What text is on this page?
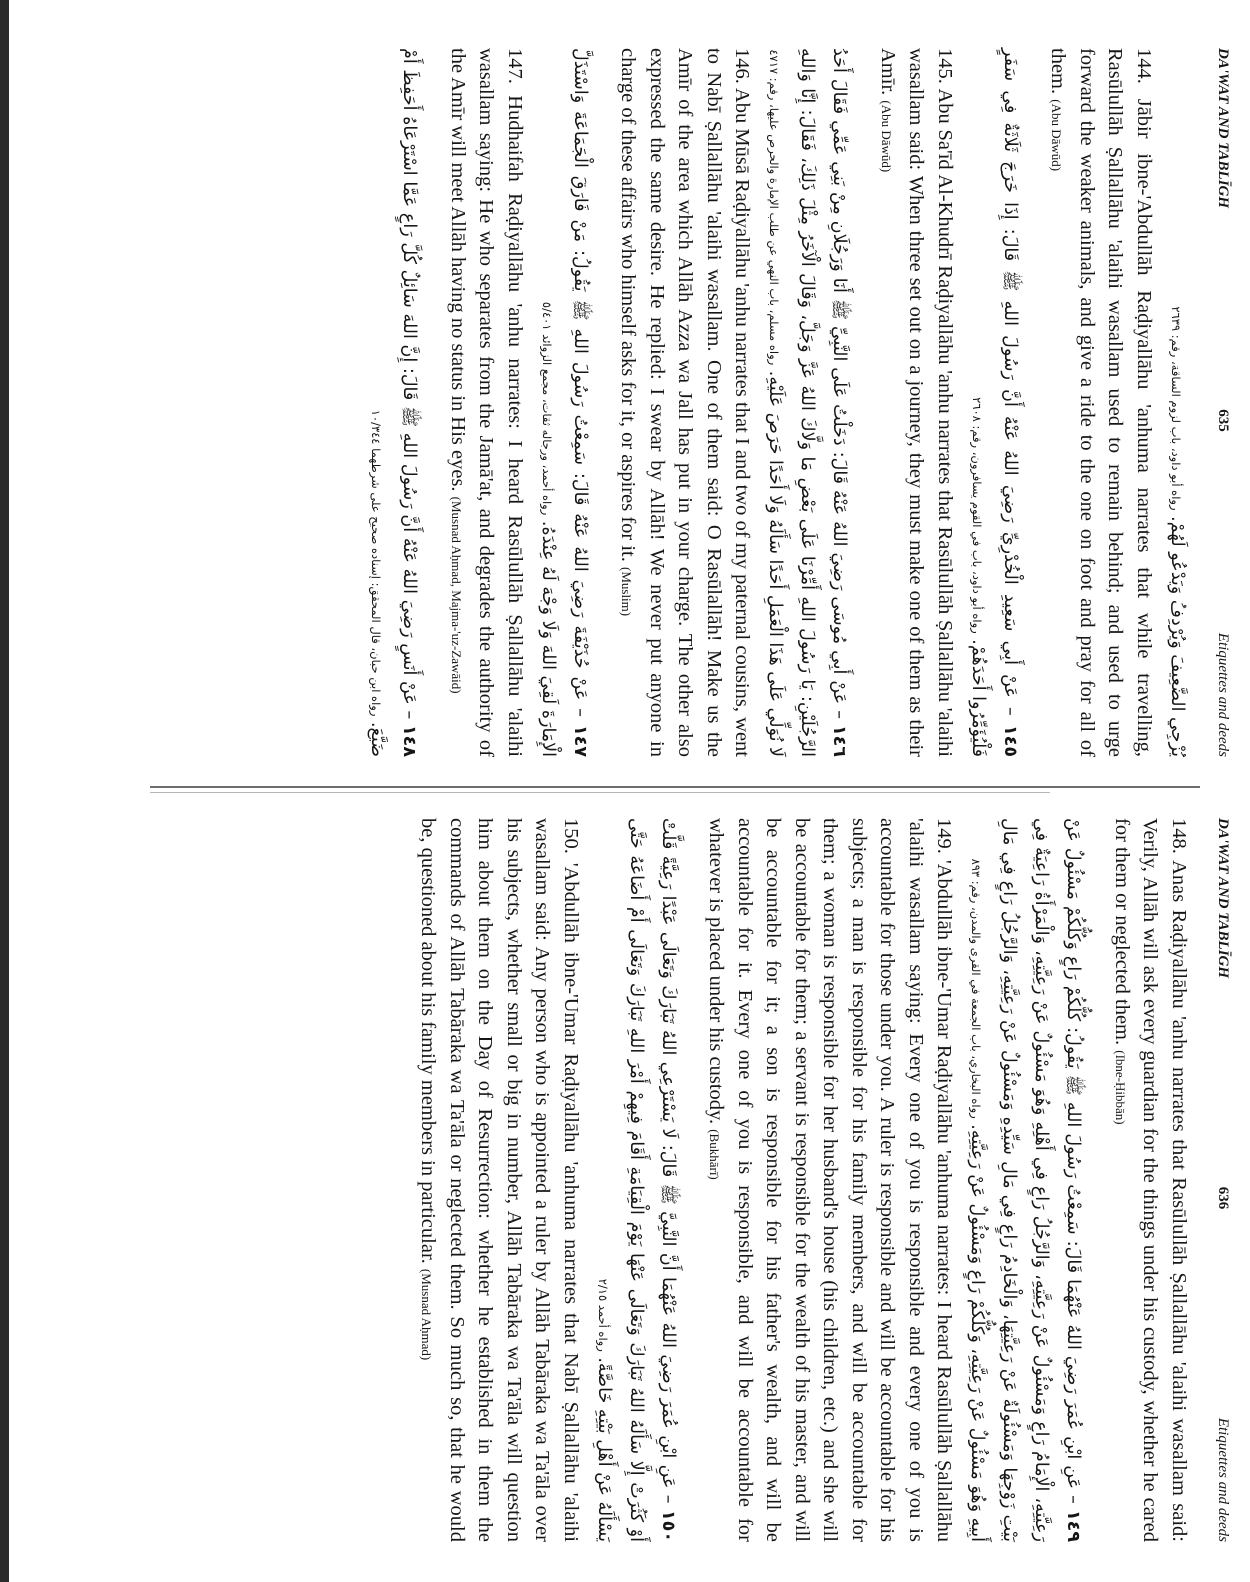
DA'WAT AND TABLĪGH
635
Etiquettes and deeds

يُزْجِي الضَّعِيفَ وَيُرْدِفُ وَيَدْعُو لَهُمْ. رواه أبو داود، باب لزوم الساقة، رقم: ٢٦٣٩

144. Jābir ibne-'Abdullāh Raḍiyallāhu 'anhuma narrates that while travelling, Rasūlullāh Ṣallallāhu 'alaihi wasallam used to remain behind; and used to urge forward the weaker animals, and give a ride to the one on foot and pray for all of them. (Abu Dāwūd)

١٤٥ – عَنْ أَبِي سَعِيدِ الْخُدْرِيِّ رَضِيَ اللهُ عَنْهُ أَنَّ رَسُولَ اللهِ ﷺ قَالَ: إِذَا خَرَجَ ثَلَاثَةٌ فِي سَفَرٍ فَلْيُؤَمِّرُوا أَحَدَهُمْ. رواه أبو داود، باب في القوم يسافرون، رقم: ٢٦٠٨

145. Abu Sa'īd Al-Khudrī Raḍiyallāhu 'anhu narrates that Rasūlullāh Ṣallallāhu 'alaihi wasallam said: When three set out on a journey, they must make one of them as their Amīr. (Abu Dāwūd)

١٤٦ – عَنْ أَبِي مُوسَى رَضِيَ اللهُ عَنْهُ قَالَ: دَخَلْتُ عَلَى النَّبِيِّ ﷺ أَنَا وَرَجُلَانِ مِنْ بَنِي عَمِّي فَقَالَ أَحَدُ الرَّجُلَيْنِ: يَا رَسُولَ اللهِ أَمِّرْنَا عَلَى بَعْضِ مَا وَلَّاكَ اللهُ عَزَّ وَجَلَّ، وَقَالَ الْآخَرُ مِثْلَ ذَلِكَ، فَقَالَ: إِنَّا وَاللهِ لَا نُوَلِّي عَلَى هَذَا الْعَمَلِ أَحَدًا سَأَلَهُ وَلَا أَحَدًا حَرَصَ عَلَيْهِ. رواه مسلم، باب النهي عن طلب الإمارة والحرص عليها، رقم: ٤٧١٧

146. Abu Mūsā Raḍiyallāhu 'anhu narrates that I and two of my paternal cousins, went to Nabī Ṣallallāhu 'alaihi wasallam. One of them said: O Rasūlallāh! Make us the Amīr of the area which Allāh Azza wa Jall has put in your charge. The other also expressed the same desire. He replied: I swear by Allāh! We never put anyone in charge of these affairs who himself asks for it, or aspires for it. (Muslim)

١٤٧ – عَنْ حُذَيْفَةَ رَضِيَ اللهُ عَنْهُ قَالَ: سَمِعْتُ رَسُولَ اللهِ ﷺ يَقُولُ: مَنْ فَارَقَ الْجَمَاعَةَ وَاسْتَذَلَّ الْإِمَارَةَ لَقِيَ اللهَ وَلَا وَجْهَ لَهُ عِنْدَهُ. رواه أحمد، ورجاله ثقات، مجمع الزوائد ٥/٤٠١

147. Hudhaifah Raḍiyallāhu 'anhu narrates: I heard Rasūlullāh Ṣallallāhu 'alaihi wasallam saying: He who separates from the Jamā'at, and degrades the authority of the Amīr will meet Allāh having no status in His eyes. (Musnad Aḥmad, Majma-'uz-Zawāid)

١٤٨ – عَنْ أَنَسٍ رَضِيَ اللهُ عَنْهُ أَنَّ رَسُولَ اللهِ ﷺ قَالَ: إِنَّ اللهَ سَائِلٌ كُلَّ رَاعٍ عَمَّا اسْتَرْعَاهُ أَحَفِظَ أَمْ ضَيَّعَ. رواه ابن حبان، قال المحقق: إسناده صحيح على شرطهما ١٠/٣٤٤

DA'WAT AND TABLĪGH
636
Etiquettes and deeds

148. Anas Raḍiyallāhu 'anhu narrates that Rasūlullāh Ṣallallāhu 'alaihi wasallam said: Verily, Allāh will ask every guardian for the things under his custody, whether he cared for them or neglected them. (Ibne-Ḥibbān)

١٤٩ – عَنِ ابْنِ عُمَرَ رَضِيَ اللهُ عَنْهُمَا قَالَ: سَمِعْتُ رَسُولَ اللهِ ﷺ يَقُولُ: كُلُّكُمْ رَاعٍ وَكُلُّكُمْ مَسْئُولٌ عَنْ رَعِيَّتِهِ، الْإِمَامُ رَاعٍ وَمَسْئُولٌ عَنْ رَعِيَّتِهِ، وَالرَّجُلُ رَاعٍ فِي أَهْلِهِ وَهُوَ مَسْئُولٌ عَنْ رَعِيَّتِهِ، وَالْمَرْأَةُ رَاعِيَةٌ فِي بَيْتِ زَوْجِهَا وَمَسْئُولَةٌ عَنْ رَعِيَّتِهَا، وَالْخَادِمُ رَاعٍ فِي مَالِ سَيِّدِهِ وَمَسْئُولٌ عَنْ رَعِيَّتِهِ، وَالرَّجُلُ رَاعٍ فِي مَالِ أَبِيهِ وَهُوَ مَسْئُولٌ عَنْ رَعِيَّتِهِ، وَكُلُّكُمْ رَاعٍ وَمَسْئُولٌ عَنْ رَعِيَّتِهِ. رواه البخاري، باب الجمعة في القرى والمدن، رقم: ٨٩٣

149. 'Abdullāh ibne-'Umar Raḍiyallāhu 'anhuma narrates: I heard Rasūlullāh Ṣallallāhu 'alaihi wasallam saying: Every one of you is responsible and every one of you is accountable for those under you. A ruler is responsible and will be accountable for his subjects; a man is responsible for his family members, and will be accountable for them; a woman is responsible for her husband's house (his children, etc.) and she will be accountable for them; a servant is responsible for the wealth of his master, and will be accountable for it; a son is responsible for his father's wealth, and will be accountable for it. Every one of you is responsible, and will be accountable for whatever is placed under his custody. (Bukhārī)

١٥٠ – عَنِ ابْنِ عُمَرَ رَضِيَ اللهُ عَنْهُمَا أَنَّ النَّبِيَّ ﷺ قَالَ: لَا يَسْتَرْعِي اللهُ تَبَارَكَ وَتَعَالَى عَبْدًا رَعِيَّةً قَلَّتْ أَوْ كَثُرَتْ إِلَّا سَأَلَهُ اللهُ تَبَارَكَ وَتَعَالَى عَنْهَا يَوْمَ الْقِيَامَةِ أَقَامَ فِيهِمْ أَمْرَ اللهِ تَبَارَكَ وَتَعَالَى أَمْ أَضَاعَهُ حَتَّى يَسْأَلَهُ عَنْ أَهْلِ بَيْتِهِ خَاصَّةً. رواه أحمد ٢/١٥

150. 'Abdullāh ibne-'Umar Raḍiyallāhu 'anhuma narrates that Nabī Ṣallallāhu 'alaihi wasallam said: Any person who is appointed a ruler by Allāh Tabāraka wa Ta'āla over his subjects, whether small or big in number, Allāh Tabāraka wa Ta'āla will question him about them on the Day of Resurrection: whether he established in them the commands of Allāh Tabāraka wa Ta'āla or neglected them. So much so, that he would be, questioned about his family members in particular. (Musnad Aḥmad)
